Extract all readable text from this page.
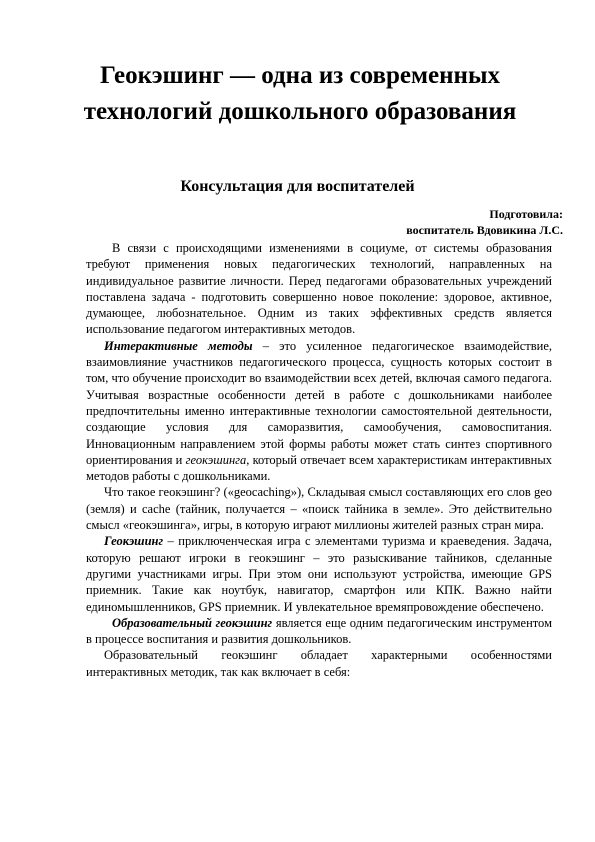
Геокэшинг — одна из современных технологий дошкольного образования
Консультация для воспитателей
Подготовила:
воспитатель Вдовикина Л.С.

В связи с происходящими изменениями в социуме, от системы образования требуют применения новых педагогических технологий, направленных на индивидуальное развитие личности. Перед педагогами образовательных учреждений поставлена задача - подготовить совершенно новое поколение: здоровое, активное, думающее, любознательное. Одним из таких эффективных средств является использование педагогом интерактивных методов.

Интерактивные методы – это усиленное педагогическое взаимодействие, взаимовлияние участников педагогического процесса, сущность которых состоит в том, что обучение происходит во взаимодействии всех детей, включая самого педагога. Учитывая возрастные особенности детей в работе с дошкольниками наиболее предпочтительны именно интерактивные технологии самостоятельной деятельности, создающие условия для саморазвития, самообучения, самовоспитания. Инновационным направлением этой формы работы может стать синтез спортивного ориентирования и геокэшинга, который отвечает всем характеристикам интерактивных методов работы с дошкольниками.

Что такое геокэшинг? («geocaching»), Складывая смысл составляющих его слов geo (земля) и cache (тайник, получается – «поиск тайника в земле». Это действительно смысл «геокэшинга», игры, в которую играют миллионы жителей разных стран мира.

Геокэшинг – приключенческая игра с элементами туризма и краеведения. Задача, которую решают игроки в геокэшинг – это разыскивание тайников, сделанные другими участниками игры. При этом они используют устройства, имеющие GPS приемник. Такие как ноутбук, навигатор, смартфон или КПК. Важно найти единомышленников, GPS приемник. И увлекательное времяпровождение обеспечено.

Образовательный геокэшинг является еще одним педагогическим инструментом в процессе воспитания и развития дошкольников.

Образовательный геокэшинг обладает характерными особенностями интерактивных методик, так как включает в себя:
